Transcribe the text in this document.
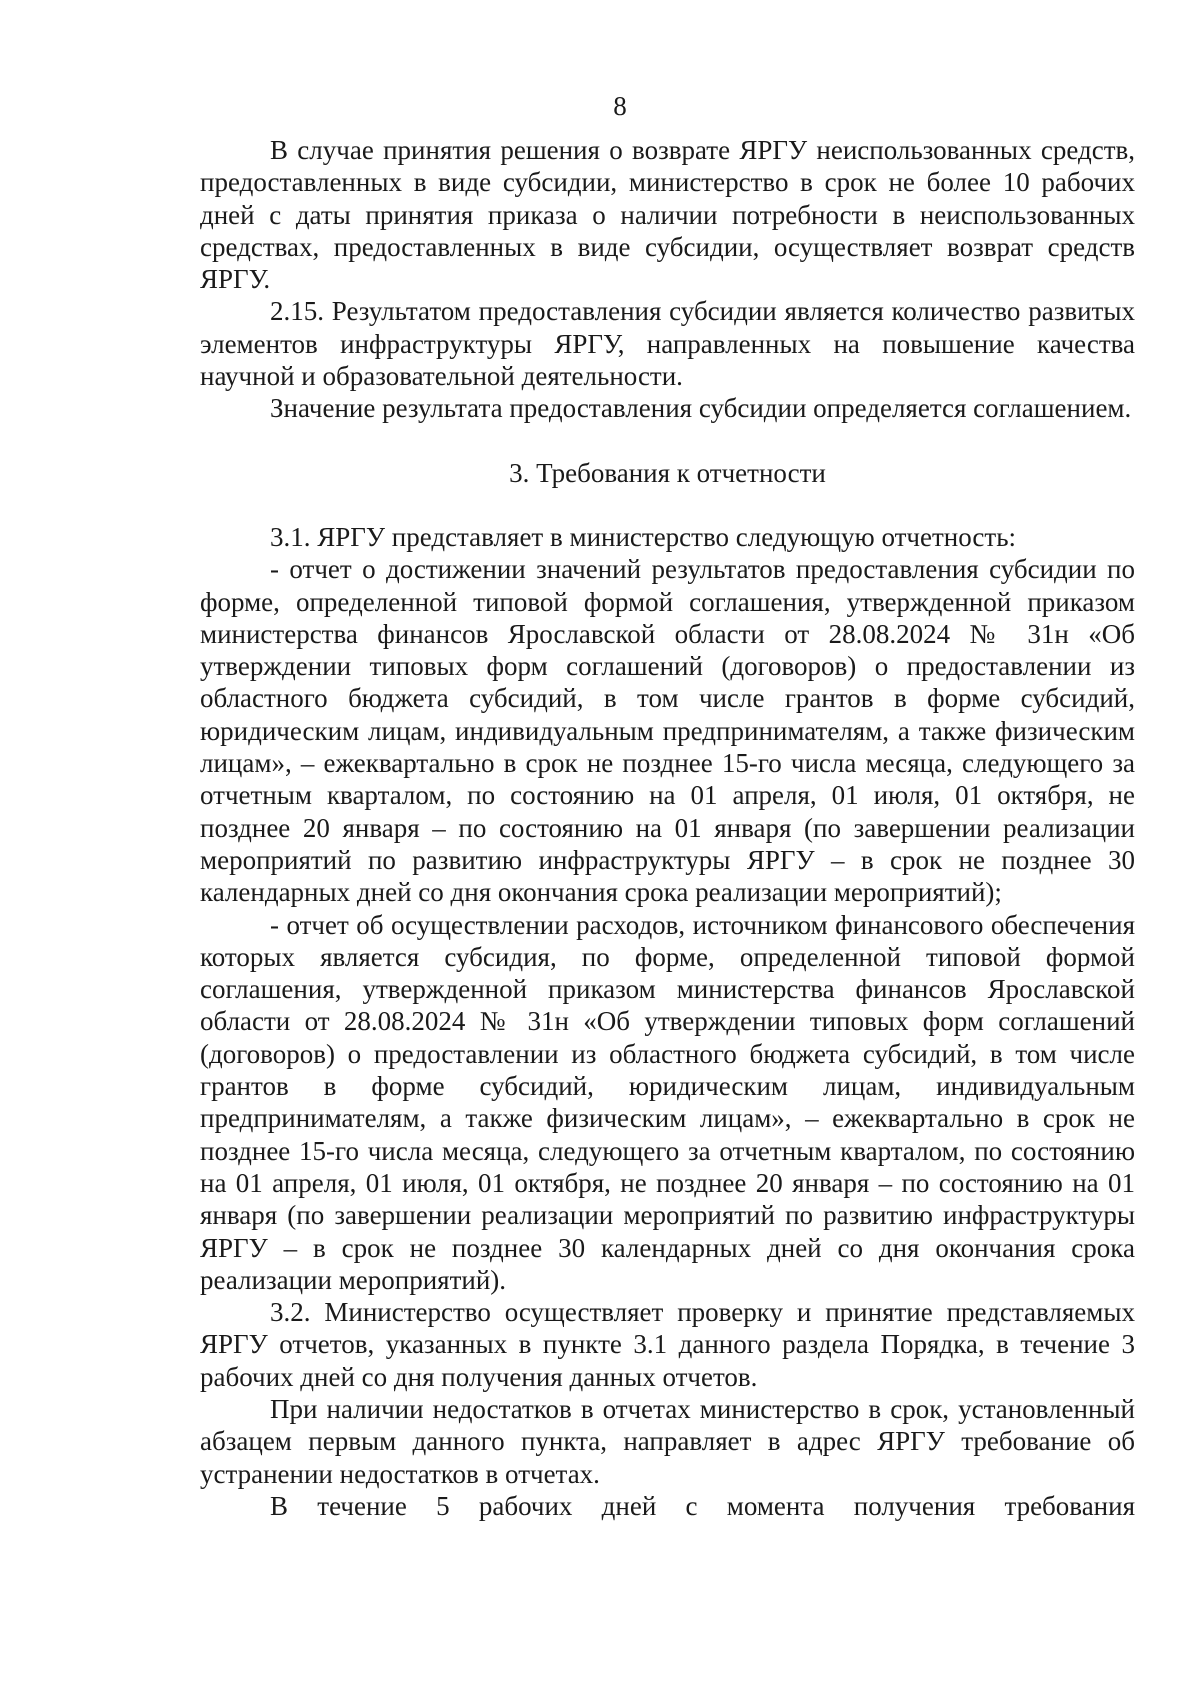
8

В случае принятия решения о возврате ЯРГУ неиспользованных средств, предоставленных в виде субсидии, министерство в срок не более 10 рабочих дней с даты принятия приказа о наличии потребности в неиспользованных средствах, предоставленных в виде субсидии, осуществляет возврат средств ЯРГУ.

2.15. Результатом предоставления субсидии является количество развитых элементов инфраструктуры ЯРГУ, направленных на повышение качества научной и образовательной деятельности.

Значение результата предоставления субсидии определяется соглашением.

3. Требования к отчетности

3.1. ЯРГУ представляет в министерство следующую отчетность:

- отчет о достижении значений результатов предоставления субсидии по форме, определенной типовой формой соглашения, утвержденной приказом министерства финансов Ярославской области от 28.08.2024 № 31н «Об утверждении типовых форм соглашений (договоров) о предоставлении из областного бюджета субсидий, в том числе грантов в форме субсидий, юридическим лицам, индивидуальным предпринимателям, а также физическим лицам», – ежеквартально в срок не позднее 15-го числа месяца, следующего за отчетным кварталом, по состоянию на 01 апреля, 01 июля, 01 октября, не позднее 20 января – по состоянию на 01 января (по завершении реализации мероприятий по развитию инфраструктуры ЯРГУ – в срок не позднее 30 календарных дней со дня окончания срока реализации мероприятий);

- отчет об осуществлении расходов, источником финансового обеспечения которых является субсидия, по форме, определенной типовой формой соглашения, утвержденной приказом министерства финансов Ярославской области от 28.08.2024 № 31н «Об утверждении типовых форм соглашений (договоров) о предоставлении из областного бюджета субсидий, в том числе грантов в форме субсидий, юридическим лицам, индивидуальным предпринимателям, а также физическим лицам», – ежеквартально в срок не позднее 15-го числа месяца, следующего за отчетным кварталом, по состоянию на 01 апреля, 01 июля, 01 октября, не позднее 20 января – по состоянию на 01 января (по завершении реализации мероприятий по развитию инфраструктуры ЯРГУ – в срок не позднее 30 календарных дней со дня окончания срока реализации мероприятий).

3.2. Министерство осуществляет проверку и принятие представляемых ЯРГУ отчетов, указанных в пункте 3.1 данного раздела Порядка, в течение 3 рабочих дней со дня получения данных отчетов.

При наличии недостатков в отчетах министерство в срок, установленный абзацем первым данного пункта, направляет в адрес ЯРГУ требование об устранении недостатков в отчетах.

В течение 5 рабочих дней с момента получения требования
